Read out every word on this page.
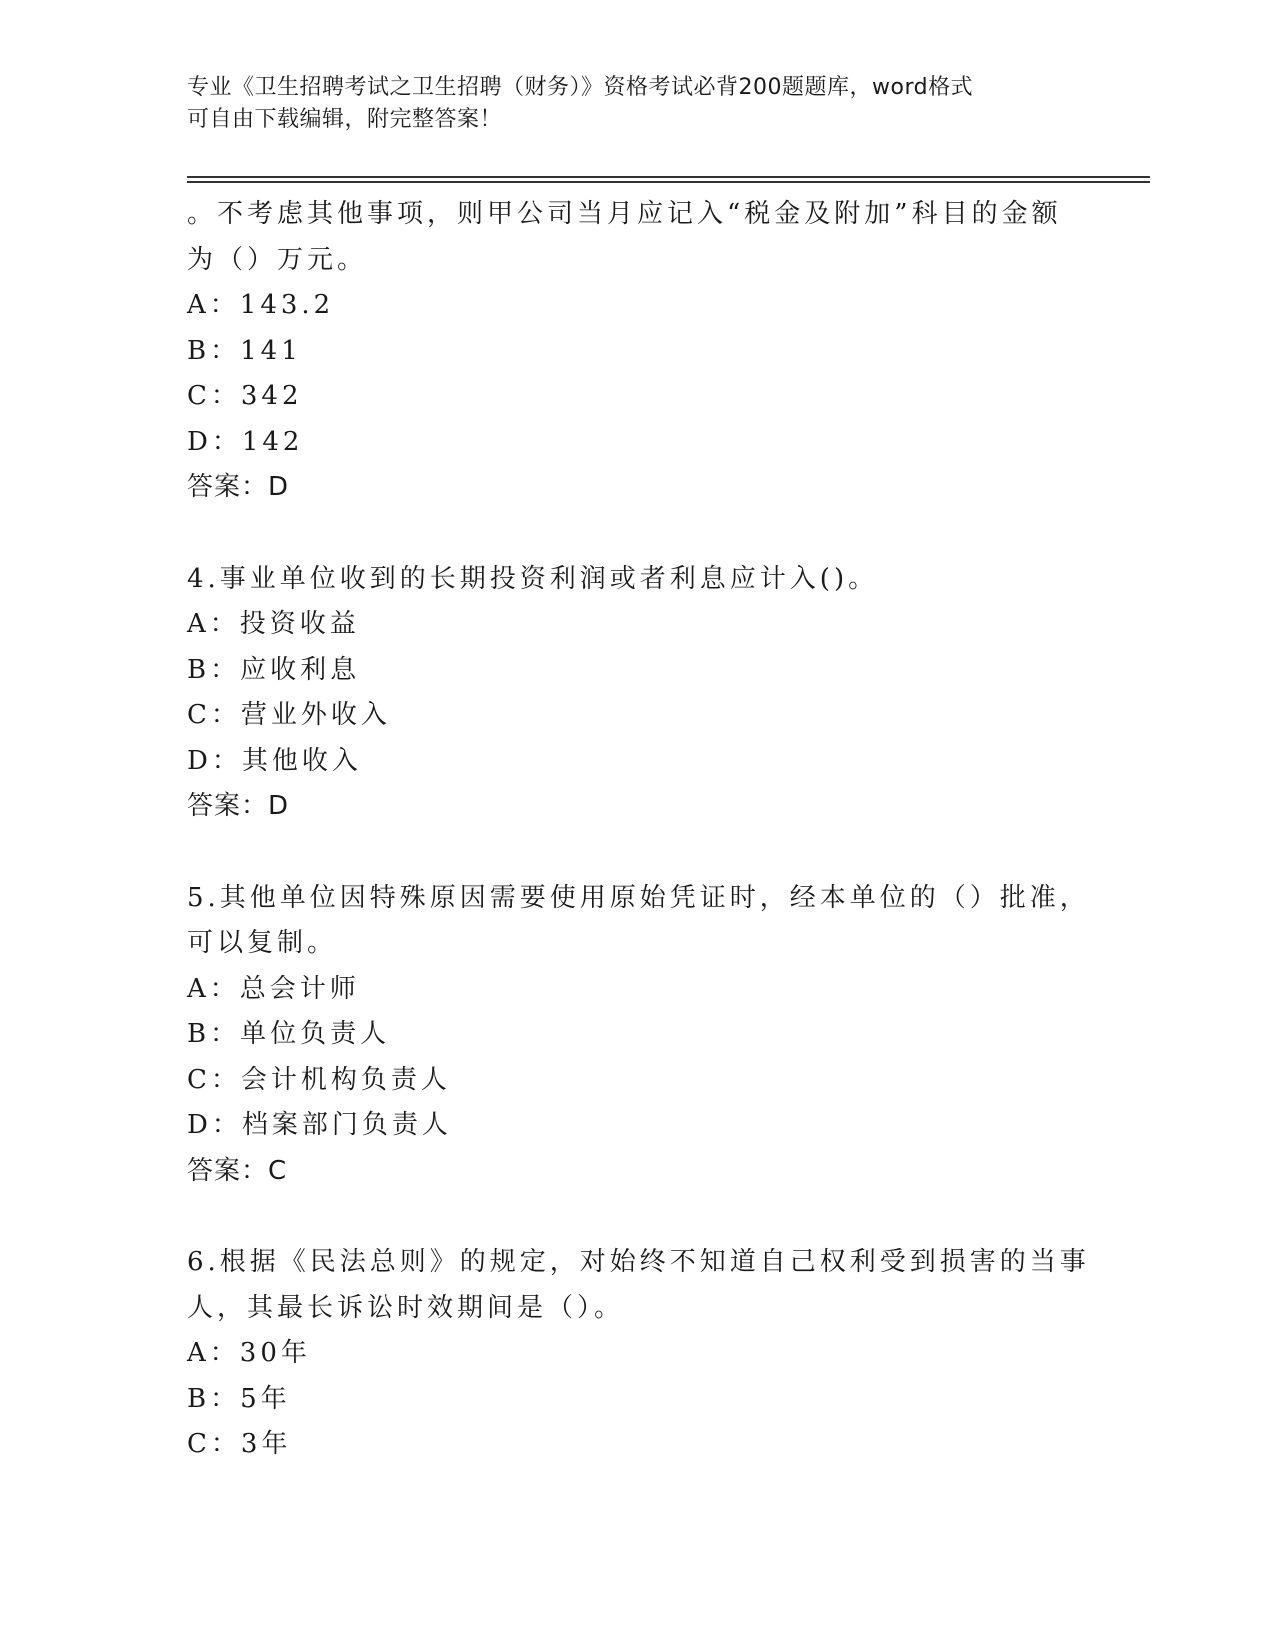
专业《卫生招聘考试之卫生招聘（财务）》资格考试必背200题题库，word格式
可自由下载编辑，附完整答案！
。不考虑其他事项，则甲公司当月应记入“税金及附加”科目的金额
为（）万元。
A：143.2
B：141
C：342
D：142
答案：D
4.事业单位收到的长期投资利润或者利息应计入()。
A：投资收益
B：应收利息
C：营业外收入
D：其他收入
答案：D
5.其他单位因特殊原因需要使用原始凭证时，经本单位的（）批准，
可以复制。
A：总会计师
B：单位负责人
C：会计机构负责人
D：档案部门负责人
答案：C
6.根据《民法总则》的规定，对始终不知道自己权利受到损害的当事
人，其最长诉讼时效期间是（）。
A：30年
B：5年
C：3年
